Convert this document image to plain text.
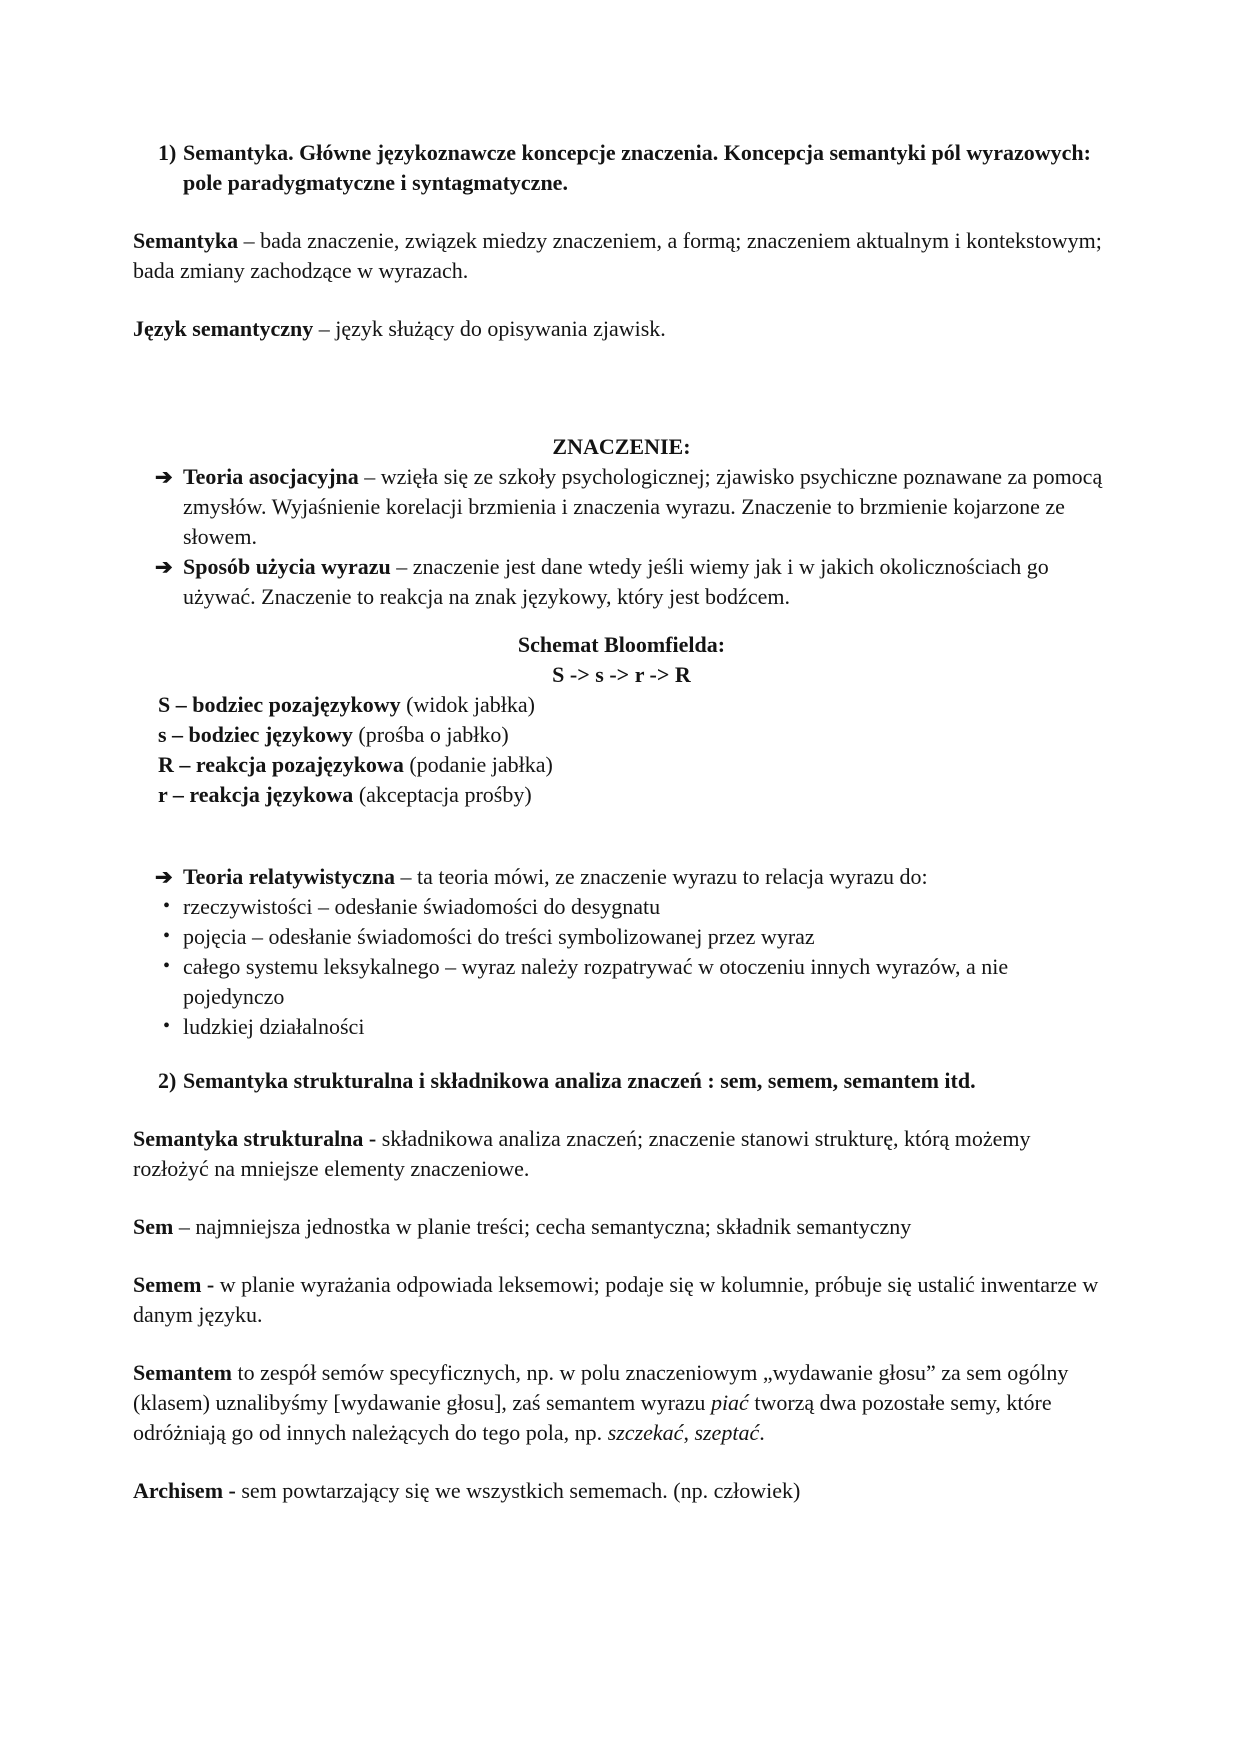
1) Semantyka. Główne językoznawcze koncepcje znaczenia. Koncepcja semantyki pól wyrazowych: pole paradygmatyczne i syntagmatyczne.
Semantyka – bada znaczenie, związek miedzy znaczeniem, a formą; znaczeniem aktualnym i kontekstowym; bada zmiany zachodzące w wyrazach.
Język semantyczny – język służący do opisywania zjawisk.
ZNACZENIE:
➔ Teoria asocjacyjna – wzięła się ze szkoły psychologicznej; zjawisko psychiczne poznawane za pomocą zmysłów. Wyjaśnienie korelacji brzmienia i znaczenia wyrazu. Znaczenie to brzmienie kojarzone ze słowem.
➔ Sposób użycia wyrazu – znaczenie jest dane wtedy jeśli wiemy jak i w jakich okolicznościach go używać. Znaczenie to reakcja na znak językowy, który jest bodźcem.
Schemat Bloomfielda:
S -> s -> r -> R
S – bodziec pozajęzykowy (widok jabłka)
s – bodziec językowy (prośba o jabłko)
R – reakcja pozajęzykowa (podanie jabłka)
r – reakcja językowa (akceptacja prośby)
➔ Teoria relatywistyczna – ta teoria mówi, ze znaczenie wyrazu to relacja wyrazu do:
• rzeczywistości – odesłanie świadomości do desygnatu
• pojęcia – odesłanie świadomości do treści symbolizowanej przez wyraz
• całego systemu leksykalnego – wyraz należy rozpatrywać w otoczeniu innych wyrazów, a nie pojedynczo
• ludzkiej działalności
2) Semantyka strukturalna i składnikowa analiza znaczeń : sem, semem, semantem itd.
Semantyka strukturalna - składnikowa analiza znaczeń; znaczenie stanowi strukturę, którą możemy rozłożyć na mniejsze elementy znaczeniowe.
Sem – najmniejsza jednostka w planie treści; cecha semantyczna; składnik semantyczny
Semem - w planie wyrażania odpowiada leksemowi; podaje się w kolumnie, próbuje się ustalić inwentarze w danym języku.
Semantem to zespół semów specyficznych, np. w polu znaczeniowym „wydawanie głosu” za sem ogólny (klasem) uznalibyśmy [wydawanie głosu], zaś semantem wyrazu piać tworzą dwa pozostałe semy, które odróżniają go od innych należących do tego pola, np. szczekać, szeptać.
Archisem - sem powtarzający się we wszystkich sememach. (np. człowiek)
